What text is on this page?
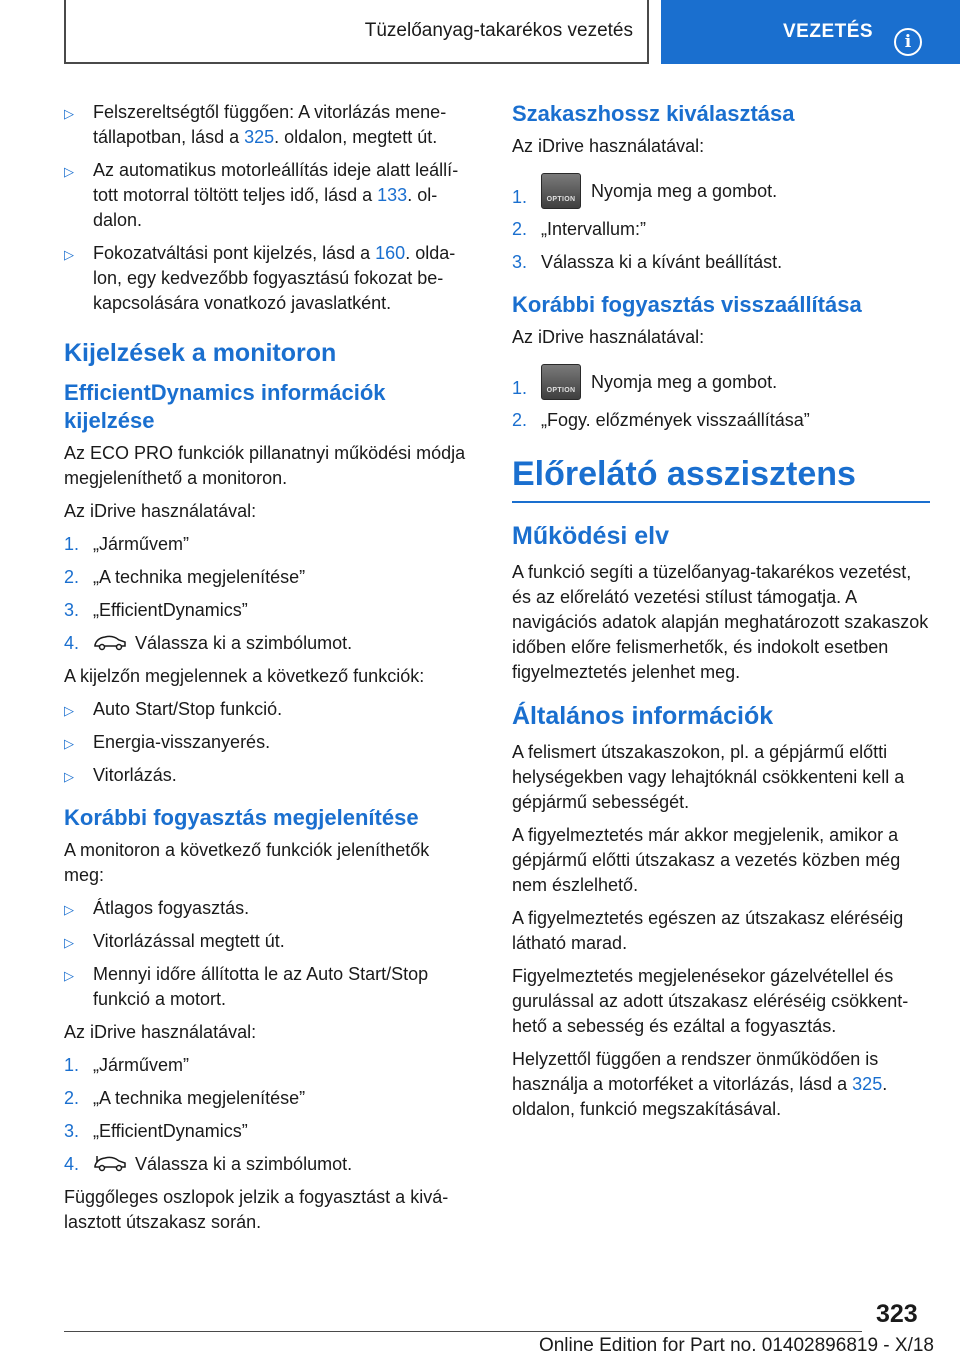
Tüzelőanyag-takarékos vezetés	VEZETÉS	i
▷ Felszereltségtől függően: A vitorlázás menetállapotban, lásd a 325. oldalon, megtett út.
▷ Az automatikus motorleállítás ideje alatt leállított motorral töltött teljes idő, lásd a 133. oldalon.
▷ Fokozatváltási pont kijelzés, lásd a 160. oldalon, egy kedvezőbb fogyasztású fokozat bekapcsolására vonatkozó javaslatként.
Kijelzések a monitoron
EfficientDynamics információk kijelzése

Az ECO PRO funkciók pillanatnyi működési módja megjeleníthető a monitoron.

Az iDrive használatával:

1. „Járművem”
2. „A technika megjelenítése”
3. „EfficientDynamics”
4.	Válassza ki a szimbólumot.

A kijelzőn megjelennek a következő funkciók:

▷ Auto Start/Stop funkció.
▷ Energia-visszanyerés.
▷ Vitorlázás.
Korábbi fogyasztás megjelenítése

A monitoron a következő funkciók jeleníthetők meg:

▷ Átlagos fogyasztás.
▷ Vitorlázással megtett út.
▷ Mennyi időre állította le az Auto Start/Stop funkció a motort.

Az iDrive használatával:

1. „Járművem”
2. „A technika megjelenítése”
3. „EfficientDynamics”
4.	Válassza ki a szimbólumot.

Függőleges oszlopok jelzik a fogyasztást a kiválasztott útszakasz során.

Szakaszhossz kiválasztása

Az iDrive használatával:

1.	OPTION Nyomja meg a gombot.
2. „Intervallum:”
3. Válassza ki a kívánt beállítást.
Korábbi fogyasztás visszaállítása

Az iDrive használatával:

1.	OPTION Nyomja meg a gombot.
2. „Fogy. előzmények visszaállítása”
Előrelátó asszisztens
Működési elv

A funkció segíti a tüzelőanyag-takarékos vezetést, és az előrelátó vezetési stílust támogatja. A navigációs adatok alapján meghatározott szakaszok időben előre felismerhetők, és indokolt esetben figyelmeztetés jelenhet meg.

Általános információk

A felismert útszakaszokon, pl. a gépjármű előtti helységekben vagy lehajtóknál csökkenteni kell a gépjármű sebességét.

A figyelmeztetés már akkor megjelenik, amikor a gépjármű előtti útszakasz a vezetés közben még nem észlelhető.

A figyelmeztetés egészen az útszakasz eléréséig látható marad.

Figyelmeztetés megjelenésekor gázelvétellel és gurulással az adott útszakasz eléréséig csökkenthető a sebesség és ezáltal a fogyasztás.

Helyzettől függően a rendszer önműködően is használja a motorféket a vitorlázás, lásd a 325. oldalon, funkció megszakításával.

323
Online Edition for Part no. 01402896819 - X/18
